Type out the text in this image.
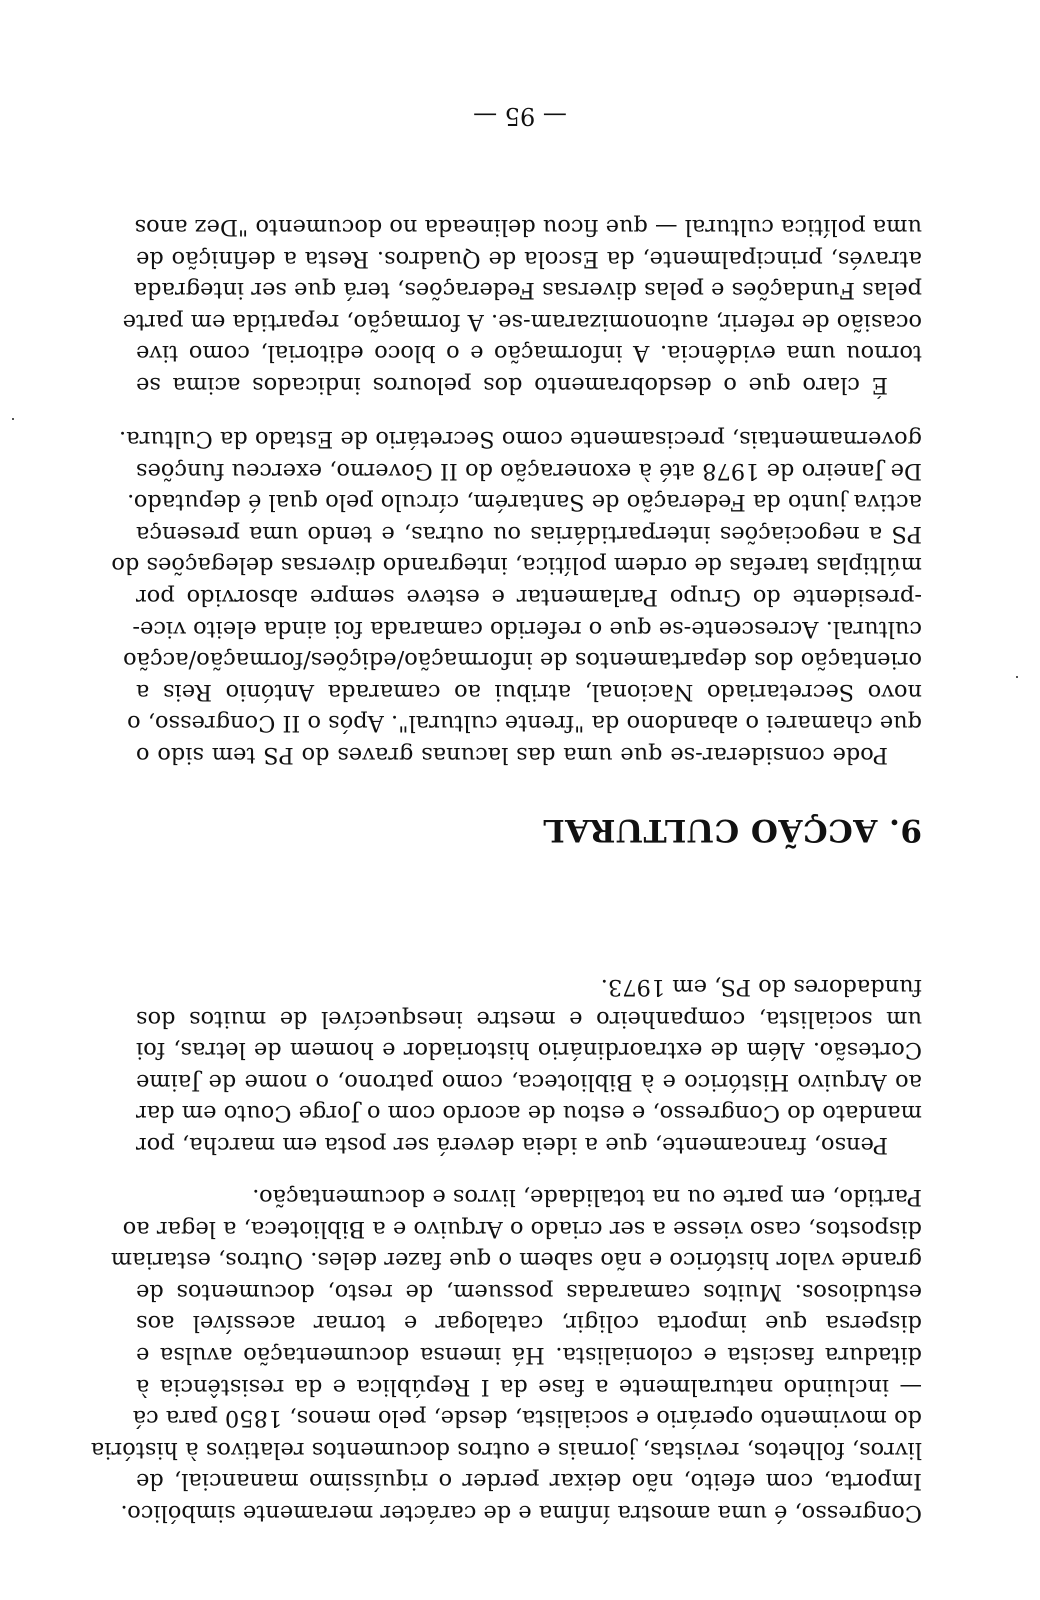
Congresso, é uma amostra ínfima e de carácter meramente simbólico.
Importa, com efeito, não deixar perder o riquíssimo manancial, de
livros, folhetos, revistas, jornais e outros documentos relativos à história
do movimento operário e socialista, desde, pelo menos, 1850 para cá
— incluindo naturalmente a fase da I República e da resistência à
ditadura fascista e colonialista. Há imensa documentação avulsa e
dispersa que importa coligir, catalogar e tornar acessível aos
estudiosos. Muitos camaradas possuem, de resto, documentos de
grande valor histórico e não sabem o que fazer deles. Outros, estariam
dispostos, caso viesse a ser criado o Arquivo e a Biblioteca, a legar ao
Partido, em parte ou na totalidade, livros e documentação.

Penso, francamente, que a ideia deverá ser posta em marcha, por
mandato do Congresso, e estou de acordo com o Jorge Couto em dar
ao Arquivo Histórico e à Biblioteca, como patrono, o nome de Jaime
Cortesão. Além de extraordinário historiador e homem de letras, foi
um socialista, companheiro e mestre inesquecível de muitos dos
fundadores do PS, em 1973.

9. ACÇÃO CULTURAL

Pode considerar-se que uma das lacunas graves do PS tem sido o
que chamarei o abandono da "frente cultural". Após o II Congresso, o
novo Secretariado Nacional, atribui ao camarada António Reis a
orientação dos departamentos de informação/edições/formação/acção
cultural. Acrescente-se que o referido camarada foi ainda eleito vice-
-presidente do Grupo Parlamentar e esteve sempre absorvido por
múltiplas tarefas de ordem política, integrando diversas delegações do
PS a negociações interpartidárias ou outras, e tendo uma presença
activa junto da Federação de Santarém, círculo pelo qual é deputado.
De Janeiro de 1978 até à exoneração do II Governo, exerceu funções
governamentais, precisamente como Secretário de Estado da Cultura.

É claro que o desdobramento dos pelouros indicados acima se
tornou uma evidência. A informação e o bloco editorial, como tive
ocasião de referir, autonomizaram-se. A formação, repartida em parte
pelas Fundações e pelas diversas Federações, terá que ser integrada
através, principalmente, da Escola de Quadros. Resta a definição de
uma política cultural — que ficou delineada no documento "Dez anos

— 95 —
